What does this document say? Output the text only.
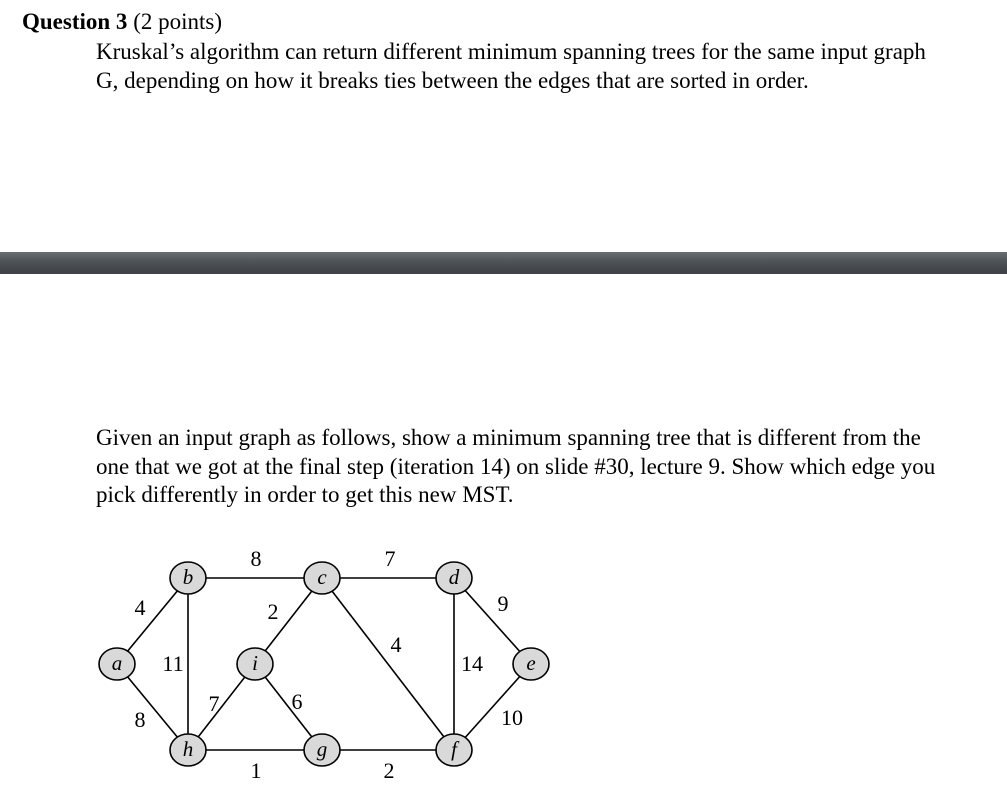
Question 3 (2 points)
Kruskal’s algorithm can return different minimum spanning trees for the same input graph
G, depending on how it breaks ties between the edges that are sorted in order.
Given an input graph as follows, show a minimum spanning tree that is different from the
one that we got at the final step (iteration 14) on slide #30, lecture 9. Show which edge you
pick differently in order to get this new MST.
a
b	c	d
e
f
g
h
i
4
8
8
11
7
2
4
9
14
10
2
1
6
7
